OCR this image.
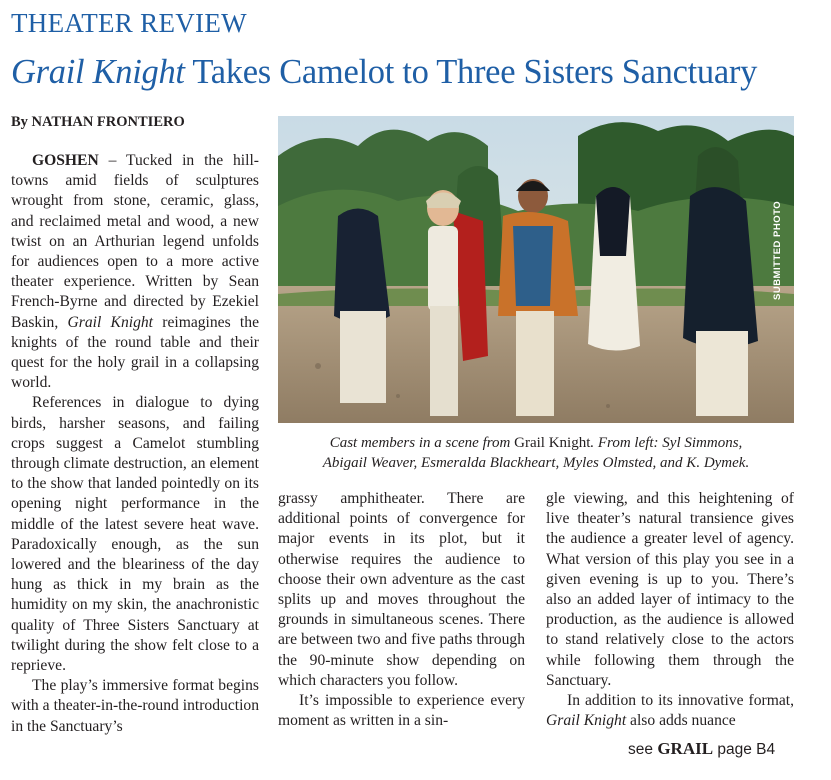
THEATER REVIEW
Grail Knight Takes Camelot to Three Sisters Sanctuary
By NATHAN FRONTIERO

GOSHEN – Tucked in the hill-towns amid fields of sculptures wrought from stone, ceramic, glass, and reclaimed metal and wood, a new twist on an Arthurian legend unfolds for audiences open to a more active theater experience. Written by Sean French-Byrne and directed by Ezekiel Baskin, Grail Knight reimagines the knights of the round table and their quest for the holy grail in a collapsing world.

References in dialogue to dying birds, harsher seasons, and failing crops suggest a Camelot stumbling through climate destruction, an element to the show that landed pointedly on its opening night performance in the middle of the latest severe heat wave. Paradoxically enough, as the sun lowered and the bleariness of the day hung as thick in my brain as the humidity on my skin, the anachronistic quality of Three Sisters Sanctuary at twilight during the show felt close to a reprieve.

The play’s immersive format begins with a theater-in-the-round introduction in the Sanctuary’s

SUBMITTED PHOTO
Cast members in a scene from Grail Knight. From left: Syl Simmons,
Abigail Weaver, Esmeralda Blackheart, Myles Olmsted, and K. Dymek.

grassy amphitheater. There are additional points of convergence for major events in its plot, but it otherwise requires the audience to choose their own adventure as the cast splits up and moves throughout the grounds in simultaneous scenes. There are between two and five paths through the 90-minute show depending on which characters you follow.

It’s impossible to experience every moment as written in a sin-

gle viewing, and this heightening of live theater’s natural transience gives the audience a greater level of agency. What version of this play you see in a given evening is up to you. There’s also an added layer of intimacy to the production, as the audience is allowed to stand relatively close to the actors while following them through the Sanctuary.

In addition to its innovative format, Grail Knight also adds nuance

see GRAIL page B4
